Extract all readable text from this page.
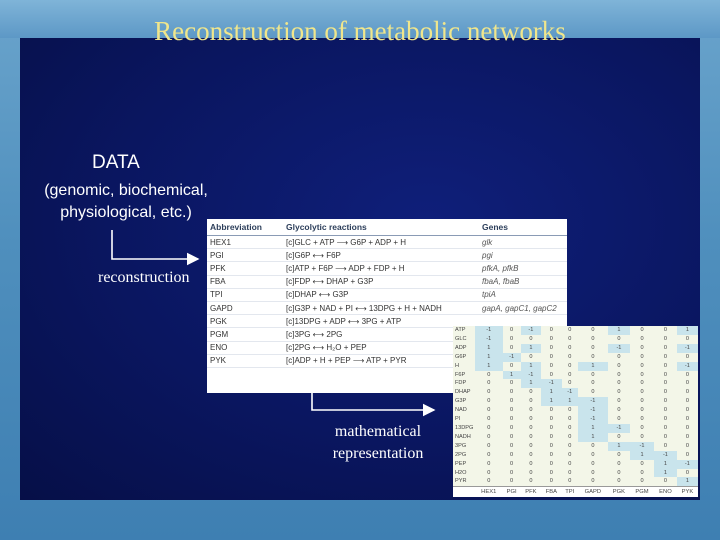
Reconstruction of metabolic networks
DATA
(genomic, biochemical,
physiological, etc.)
reconstruction
mathematical
representation
Abbreviation	Glycolytic reactions	Genes
HEX1	[c]GLC + ATP ⟶ G6P + ADP + H	glk
PGI	[c]G6P ⟷ F6P	pgi
PFK	[c]ATP + F6P ⟶ ADP + FDP + H	pfkA, pfkB
FBA	[c]FDP ⟷ DHAP + G3P	fbaA, fbaB
TPI	[c]DHAP ⟷ G3P	tpiA
GAPD	[c]G3P + NAD + PI ⟷ 13DPG + H + NADH	gapA, gapC1, gapC2
PGK	[c]13DPG + ADP ⟷ 3PG + ATP	
PGM	[c]3PG ⟷ 2PG	
ENO	[c]2PG ⟷ H₂O + PEP	
PYK	[c]ADP + H + PEP ⟶ ATP + PYR	
ATP	-1	0	-1	0	0	0	1	0	0	1
GLC	-1	0	0	0	0	0	0	0	0	0
ADP	1	0	1	0	0	0	-1	0	0	-1
G6P	1	-1	0	0	0	0	0	0	0	0
H	1	0	1	0	0	1	0	0	0	-1
F6P	0	1	-1	0	0	0	0	0	0	0
FDP	0	0	1	-1	0	0	0	0	0	0
DHAP	0	0	0	1	-1	0	0	0	0	0
G3P	0	0	0	1	1	-1	0	0	0	0
NAD	0	0	0	0	0	-1	0	0	0	0
PI	0	0	0	0	0	-1	0	0	0	0
13DPG	0	0	0	0	0	1	-1	0	0	0
NADH	0	0	0	0	0	1	0	0	0	0
3PG	0	0	0	0	0	0	1	-1	0	0
2PG	0	0	0	0	0	0	0	1	-1	0
PEP	0	0	0	0	0	0	0	0	1	-1
H2O	0	0	0	0	0	0	0	0	1	0
PYR	0	0	0	0	0	0	0	0	0	1
	HEX1	PGI	PFK	FBA	TPI	GAPD	PGK	PGM	ENO	PYK
